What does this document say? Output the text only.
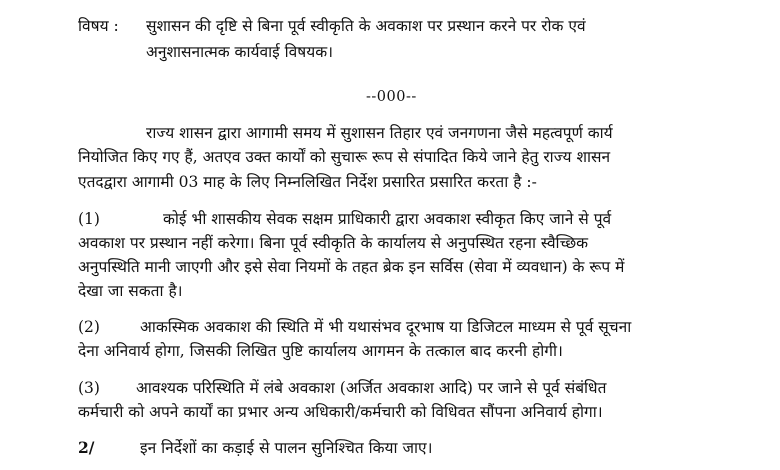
विषय : सुशासन की दृष्टि से बिना पूर्व स्वीकृति के अवकाश पर प्रस्थान करने पर रोक एवं
अनुशासनात्मक कार्यवाई विषयक।
--000--
राज्य शासन द्वारा आगामी समय में सुशासन तिहार एवं जनगणना जैसे महत्वपूर्ण कार्य
नियोजित किए गए हैं, अतएव उक्त कार्यों को सुचारू रूप से संपादित किये जाने हेतु राज्य शासन
एतदद्वारा आगामी 03 माह के लिए निम्नलिखित निर्देश प्रसारित प्रसारित करता है :-
(1)	कोई भी शासकीय सेवक सक्षम प्राधिकारी द्वारा अवकाश स्वीकृत किए जाने से पूर्व
अवकाश पर प्रस्थान नहीं करेगा। बिना पूर्व स्वीकृति के कार्यालय से अनुपस्थित रहना स्वैच्छिक
अनुपस्थिति मानी जाएगी और इसे सेवा नियमों के तहत ब्रेक इन सर्विस (सेवा में व्यवधान) के रूप में
देखा जा सकता है।
(2)	आकस्मिक अवकाश की स्थिति में भी यथासंभव दूरभाष या डिजिटल माध्यम से पूर्व सूचना
देना अनिवार्य होगा, जिसकी लिखित पुष्टि कार्यालय आगमन के तत्काल बाद करनी होगी।
(3) आवश्यक परिस्थिति में लंबे अवकाश (अर्जित अवकाश आदि) पर जाने से पूर्व संबंधित
कर्मचारी को अपने कार्यों का प्रभार अन्य अधिकारी/कर्मचारी को विधिवत सौंपना अनिवार्य होगा।
2/	इन निर्देशों का कड़ाई से पालन सुनिश्चित किया जाए।
